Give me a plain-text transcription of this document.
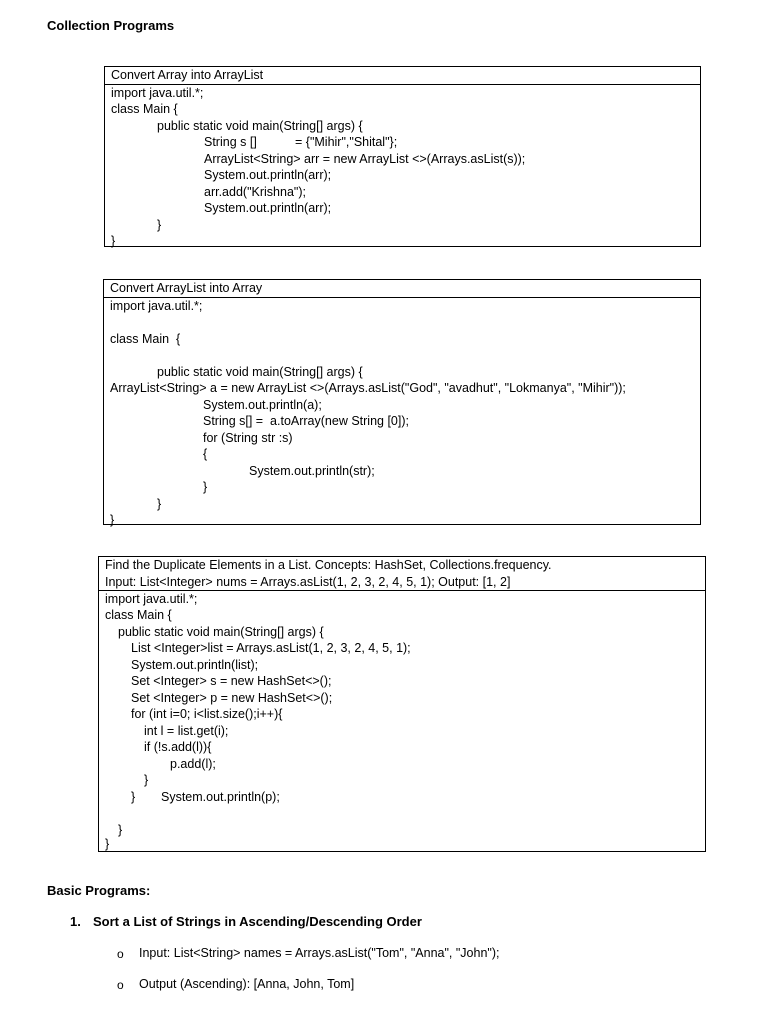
Collection Programs
Convert Array into ArrayList
import java.util.*;
class Main {
public static void main(String[] args) {
String s []	= {"Mihir","Shital"};
ArrayList<String> arr = new ArrayList <>(Arrays.asList(s));
System.out.println(arr);
arr.add("Krishna");
System.out.println(arr);
}
}
Convert ArrayList into Array
import java.util.*;
class Main  {
public static void main(String[] args) {
ArrayList<String> a = new ArrayList <>(Arrays.asList("God", "avadhut", "Lokmanya", "Mihir"));
System.out.println(a);
String s[] =  a.toArray(new String [0]);
for (String str :s)
{
System.out.println(str);
}
}
}
Find the Duplicate Elements in a List. Concepts: HashSet, Collections.frequency.
Input: List<Integer> nums = Arrays.asList(1, 2, 3, 2, 4, 5, 1); Output: [1, 2]
import java.util.*;
class Main {
public static void main(String[] args) {
List <Integer>list = Arrays.asList(1, 2, 3, 2, 4, 5, 1);
System.out.println(list);
Set <Integer> s = new HashSet<>();
Set <Integer> p = new HashSet<>();
for (int i=0; i<list.size();i++){
int l = list.get(i);
if (!s.add(l)){
p.add(l);
}
} System.out.println(p);
}
}
Basic Programs:
1. Sort a List of Strings in Ascending/Descending Order
o Input: List<String> names = Arrays.asList("Tom", "Anna", "John");
o Output (Ascending): [Anna, John, Tom]
